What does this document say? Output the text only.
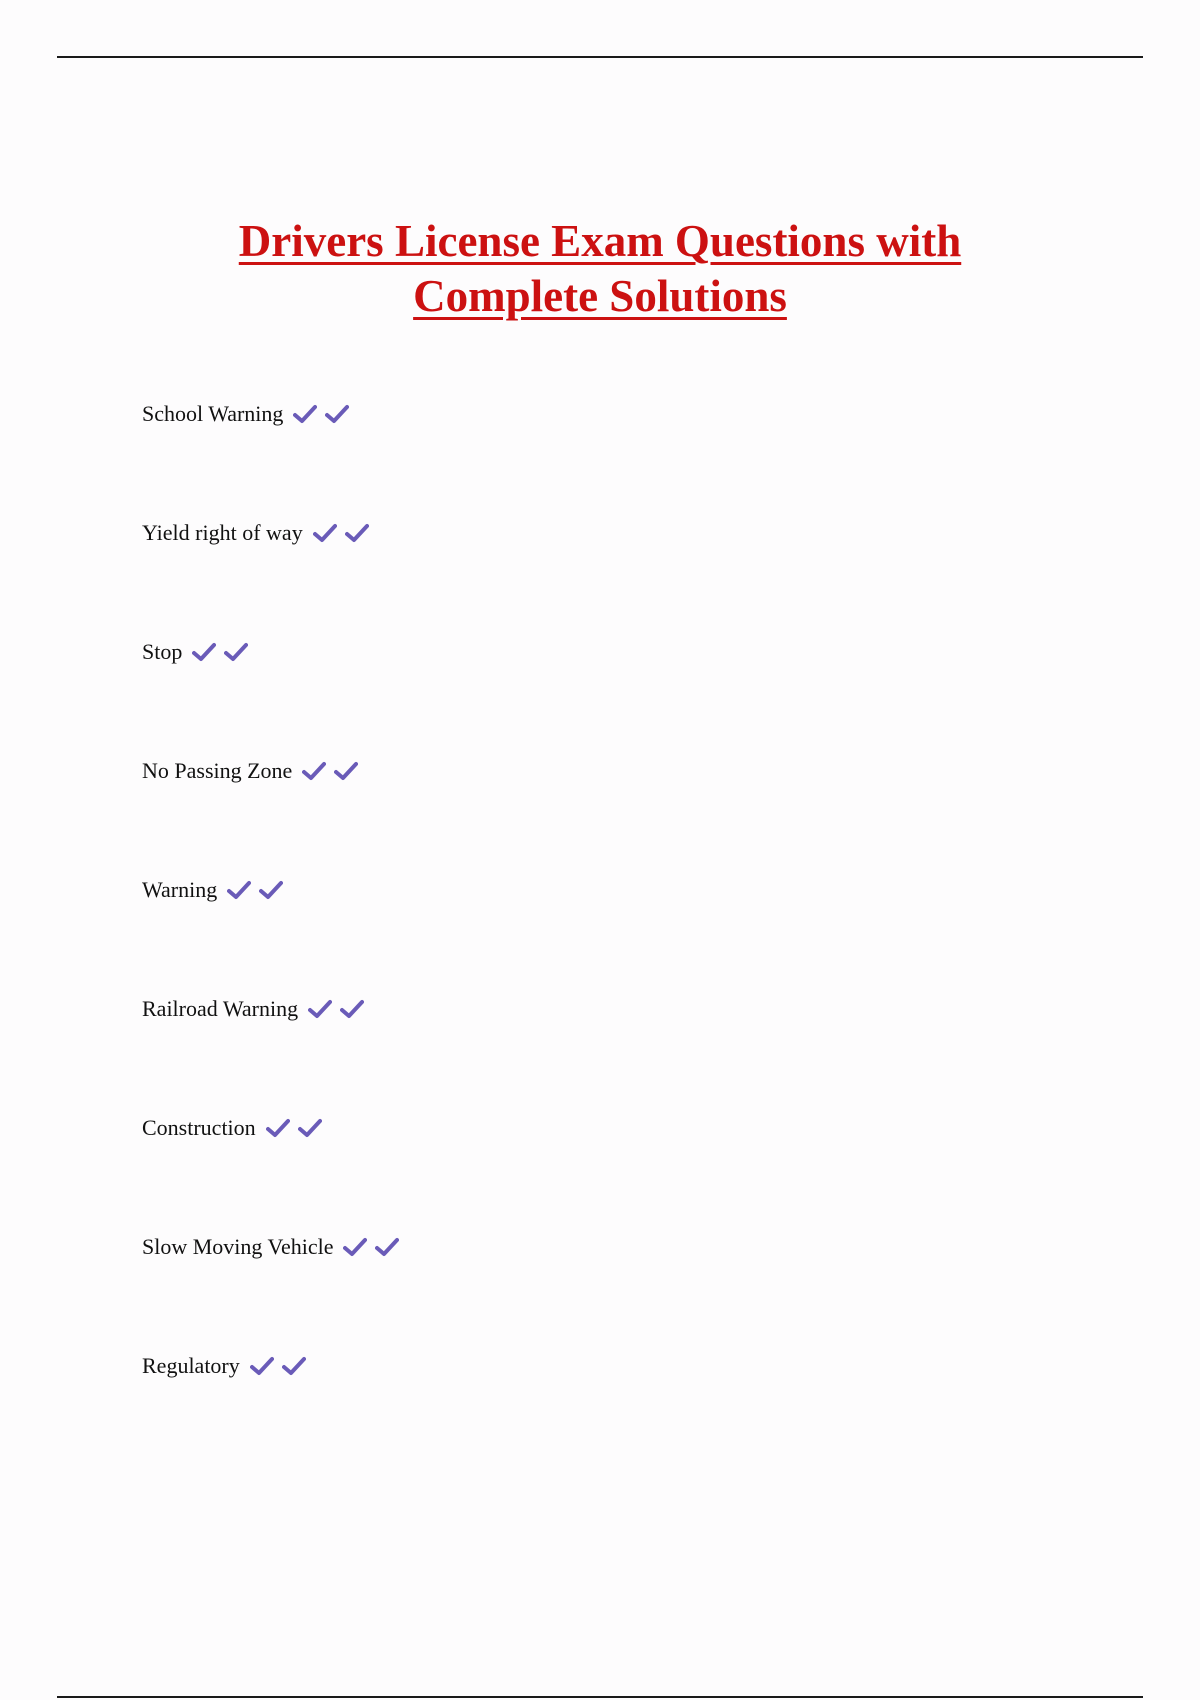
Drivers License Exam Questions with
Complete Solutions
School Warning
Yield right of way
Stop
No Passing Zone
Warning
Railroad Warning
Construction
Slow Moving Vehicle
Regulatory
